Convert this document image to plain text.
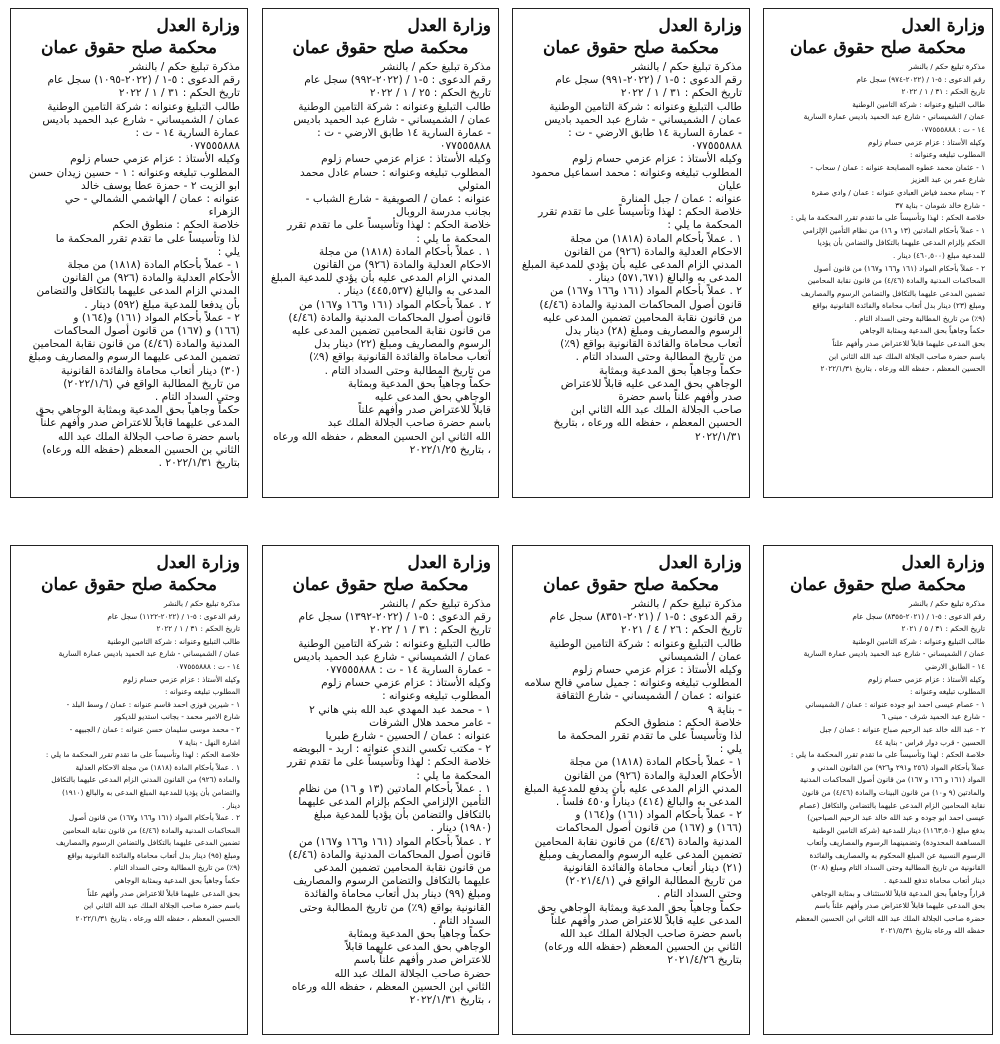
وزارة العدل
محكمة صلح حقوق عمان
مذكرة تبليغ حكم / بالنشر
رقم الدعوى : ٥-١ / (٢٠٢٢-٩٧٤) سجل عام
تاريخ الحكم : ٣١ / ١ / ٢٠٢٢
طالب التبليغ وعنوانه : شركة التامين الوطنية
عمان / الشميساني - شارع عبد الحميد باديس عمارة السارية
١٤ - ت : ٠٧٧٥٥٥٨٨٨
وكيله الأستاذ : عزام عزمي حسام زلوم
المطلوب تبليغه وعنوانه :
١ - عثمان محمد عطوه المصابحة عنوانه : عمان / سحاب -
شارع عمر بن عبد العزيز
٢ - بسام محمد فياض العبادي عنوانه : عمان / وادي صقرة
- شارع خالد شومان - بناية ٣٧
خلاصة الحكم : لهذا وتأسيساً على ما تقدم تقرر المحكمة ما يلي :
١ - عملاً بأحكام المادتين (١٣ و ١٦) من نظام التأمين الإلزامي
الحكم بإلزام المدعى عليهما بالتكافل والتضامن بأن يؤديا
للمدعية مبلغ (٤٦٠,٥٠٠) دينار .
٢ - عملاً بأحكام المواد (١٦١ و١٦٦ و١٦٧) من قانون أصول
المحاكمات المدنية والمادة (٤/٤٦) من قانون نقابة المحامين
تضمين المدعى عليهما بالتكافل والتضامن الرسوم والمصاريف
ومبلغ (٢٣) دينار بدل أتعاب محاماة والفائدة القانونية بواقع
(٩٪) من تاريخ المطالبة وحتى السداد التام .
حكماً وجاهياً بحق المدعية وبمثابة الوجاهي
بحق المدعى عليهما قابلاً للاعتراض صدر وأفهم علناً
باسم حضرة صاحب الجلالة الملك عبد الله الثاني ابن
الحسين المعظم ، حفظه الله ورعاه ، بتاريخ ٢٠٢٢/١/٣١
وزارة العدل
محكمة صلح حقوق عمان
مذكرة تبليغ حكم / بالنشر
رقم الدعوى : ٥-١ / (٢٠٢٢-٩٩١) سجل عام
تاريخ الحكم : ٣١ / ١ / ٢٠٢٢
طالب التبليغ وعنوانه : شركة التامين الوطنية
عمان / الشميساني - شارع عبد الحميد باديس
- عمارة السارية ١٤ طابق الارضي - ت :
٠٧٧٥٥٥٨٨٨
وكيله الأستاذ : عزام عزمي حسام زلوم
المطلوب تبليغه وعنوانه : محمد اسماعيل محمود عليان
عنوانه : عمان / جبل المنارة
خلاصة الحكم : لهذا وتأسيساً على ما تقدم تقرر
المحكمة ما يلي :
١ . عملاً بأحكام المادة (١٨١٨) من مجلة
الاحكام العدلية والمادة (٩٢٦) من القانون
المدني الزام المدعى عليه بأن يؤدي للمدعية المبلغ
المدعى به والبالغ (٥٧١,٦٧١) دينار .
٢ . عملاً بأحكام المواد (١٦١ و١٦٦ و١٦٧) من
قانون أصول المحاكمات المدنية والمادة (٤/٤٦)
من قانون نقابة المحامين تضمين المدعى عليه
الرسوم والمصاريف ومبلغ (٢٨) دينار بدل
أتعاب محاماة والفائدة القانونية بواقع (٩٪)
من تاريخ المطالبة وحتى السداد التام .
حكماً وجاهياً بحق المدعية وبمثابة
الوجاهي بحق المدعى عليه قابلاً للاعتراض
صدر وأفهم علناً باسم حضرة
صاحب الجلالة الملك عبد الله الثاني ابن
الحسين المعظم ، حفظه الله ورعاه ، بتاريخ
٢٠٢٢/١/٣١
وزارة العدل
محكمة صلح حقوق عمان
مذكرة تبليغ حكم / بالنشر
رقم الدعوى : ٥-١ / (٢٠٢٢-٩٩٢) سجل عام
تاريخ الحكم : ٢٥ / ١ / ٢٠٢٢
طالب التبليغ وعنوانه : شركة التامين الوطنية
عمان / الشميساني - شارع عبد الحميد باديس
- عمارة السارية ١٤ طابق الارضي - ت :
٠٧٧٥٥٥٨٨٨
وكيله الأستاذ : عزام عزمي حسام زلوم
المطلوب تبليغه وعنوانه : حسام عادل محمد المتولي
عنوانه : عمان / الصويفية - شارع الشباب -
بجانب مدرسة الروبال
خلاصة الحكم : لهذا وتأسيساً على ما تقدم تقرر
المحكمة ما يلي :
١ . عملاً بأحكام المادة (١٨١٨) من مجلة
الاحكام العدلية والمادة (٩٢٦) من القانون
المدني الزام المدعى عليه بأن يؤدي للمدعية المبلغ
المدعى به والبالغ (٤٤٥,٥٣٧) دينار .
٢ . عملاً بأحكام المواد (١٦١ و١٦٦ و١٦٧) من
قانون أصول المحاكمات المدنية والمادة (٤/٤٦)
من قانون نقابة المحامين تضمين المدعى عليه
الرسوم والمصاريف ومبلغ (٢٢) دينار بدل
أتعاب محاماة والفائدة القانونية بواقع (٩٪)
من تاريخ المطالبة وحتى السداد التام .
حكماً وجاهياً بحق المدعية وبمثابة
الوجاهي بحق المدعى عليه
قابلاً للاعتراض صدر وأفهم علناً
باسم حضرة صاحب الجلالة الملك عبد
الله الثاني ابن الحسين المعظم ، حفظه الله ورعاه
، بتاريخ ٢٠٢٢/١/٢٥
وزارة العدل
محكمة صلح حقوق عمان
مذكرة تبليغ حكم / بالنشر
رقم الدعوى : ٥-١ / (٢٠٢٢-١٠٩٥) سجل عام
تاريخ الحكم : ٣١ / ١ / ٢٠٢٢
طالب التبليغ وعنوانه : شركة التامين الوطنية
عمان / الشميساني - شارع عبد الحميد باديس
عمارة السارية ١٤ - ت :
٠٧٧٥٥٥٨٨٨
وكيله الأستاذ : عزام عزمي حسام زلوم
المطلوب تبليغه وعنوانه : ١ - حسين زيدان حسن
ابو الزيت ٢ - حمزة عطا يوسف خالد
عنوانه : عمان / الهاشمي الشمالي - حي
الزهراء
خلاصة الحكم : منطوق الحكم
لذا وتأسيساً على ما تقدم تقرر المحكمة ما
يلي :
١ - عملاً بأحكام المادة (١٨١٨) من مجلة
الأحكام العدلية والمادة (٩٢٦) من القانون
المدني الزام المدعى عليهما بالتكافل والتضامن
بأن يدفعا للمدعية مبلغ (٥٩٢) دينار .
٢ - عملاً بأحكام المواد (١٦١) و(١٦٤) و
(١٦٦) و (١٦٧) من قانون أصول المحاكمات
المدنية والمادة (٤/٤٦) من قانون نقابة المحامين
تضمين المدعى عليهما الرسوم والمصاريف ومبلغ
(٣٠) دينار أتعاب محاماة والفائدة القانونية
من تاريخ المطالبة الواقع في (٢٠٢٢/١/٦)
وحتى السداد التام .
حكماً وجاهياً بحق المدعية وبمثابة الوجاهي بحق
المدعى عليهما قابلاً للاعتراض صدر وأفهم علناً
باسم حضرة صاحب الجلالة الملك عبد الله
الثاني بن الحسين المعظم (حفظه الله ورعاه)
بتاريخ ٢٠٢٢/١/٣١ .
وزارة العدل
محكمة صلح حقوق عمان
مذكرة تبليغ حكم / بالنشر
رقم الدعوى : ٥-١ / (٢٠٢١-٨٣٥٥) سجل عام
تاريخ الحكم : ٣١ / ٥ / ٢٠٢١
طالب التبليغ وعنوانه : شركة التامين الوطنية
عمان / الشميساني - شارع عبد الحميد باديس عمارة السارية
١٤ - الطابق الارضي
وكيله الأستاذ : عزام عزمي حسام زلوم
المطلوب تبليغه وعنوانه :
١ - عصام عيسى احمد ابو جوده عنوانه : عمان / الشميساني
- شارع عبد الحميد شرف - مبنى ٦
٢ - عبد الله خالد عبد الرحيم صباح عنوانه : عمان / جبل
الحسين - قرب دوار فراس - بناية ٤٤
خلاصة الحكم : لهذا وتأسيساً على ما تقدم تقرر المحكمة ما يلي :
عملاً بأحكام المواد (٢٥٦ و٢٩١ و٩٢٦) من القانون المدني و
المواد (١٦١ و ١٦٦ و ١٦٧) من قانون أصول المحاكمات المدنية
والمادتين (٩ و١٠) من قانون البينات والمادة (٤/٤٦) من قانون
نقابة المحامين الزام المدعى عليهما بالتضامن والتكافل (عصام
عيسى احمد ابو جوده و عبد الله خالد عبد الرحيم الصباحين)
بدفع مبلغ (١١٦٣,٥٠) دينار للمدعية (شركة التامين الوطنية
المساهمة المحدودة) وتضمينهما الرسوم والمصاريف وأتعاب
الرسوم النسبية عن المبلغ المحكوم به والمصاريف والفائدة
القانونية من تاريخ المطالبة وحتى السداد التام ومبلغ (٢٠٨)
دينار أتعاب محاماة تدفع للمدعية .
قراراً وجاهياً بحق المدعية قابلاً للاستئناف و بمثابة الوجاهي
بحق المدعى عليهما قابلاً للاعتراض صدر وأفهم علناً باسم
حضرة صاحب الجلالة الملك عبد الله الثاني ابن الحسين المعظم
حفظه الله ورعاه بتاريخ ٢٠٢١/٥/٣١
وزارة العدل
محكمة صلح حقوق عمان
مذكرة تبليغ حكم / بالنشر
رقم الدعوى : ٥-١ / (٢٠٢١-٨٣٥١) سجل عام
تاريخ الحكم : ٢٦ / ٤ / ٢٠٢١
طالب التبليغ وعنوانه : شركة التامين الوطنية
عمان / الشميساني
وكيله الأستاذ : عزام عزمي حسام زلوم
المطلوب تبليغه وعنوانه : جميل سامي فالح سلامه
عنوانه : عمان / الشميساني - شارع الثقافة
- بناية ٩
خلاصة الحكم : منطوق الحكم
لذا وتأسيساً على ما تقدم تقرر المحكمة ما
يلي :
١ - عملاً بأحكام المادة (١٨١٨) من مجلة
الأحكام العدلية والمادة (٩٢٦) من القانون
المدني الزام المدعى عليه بأن يدفع للمدعية المبلغ
المدعى به والبالغ (٤١٤) ديناراً و٤٥٠ فلساً .
٢ - عملاً بأحكام المواد (١٦١) و(١٦٤) و
(١٦٦) و (١٦٧) من قانون أصول المحاكمات
المدنية والمادة (٤/٤٦) من قانون نقابة المحامين
تضمين المدعى عليه الرسوم والمصاريف ومبلغ
(٢١) دينار أتعاب محاماة والفائدة القانونية
من تاريخ المطالبة الواقع في (٢٠٢١/٤/١)
وحتى السداد التام .
حكماً وجاهياً بحق المدعية وبمثابة الوجاهي بحق
المدعى عليه قابلاً للاعتراض صدر وأفهم علناً
باسم حضرة صاحب الجلالة الملك عبد الله
الثاني بن الحسين المعظم (حفظه الله ورعاه)
بتاريخ ٢٠٢١/٤/٢٦
وزارة العدل
محكمة صلح حقوق عمان
مذكرة تبليغ حكم / بالنشر
رقم الدعوى : ٥-١ / (٢٠٢٢-١٣٩٢) سجل عام
تاريخ الحكم : ٣١ / ١ / ٢٠٢٢
طالب التبليغ وعنوانه : شركة التامين الوطنية
عمان / الشميساني - شارع عبد الحميد باديس
- عمارة السارية ١٤ - ت : ٠٧٧٥٥٥٨٨٨
وكيله الأستاذ : عزام عزمي حسام زلوم
المطلوب تبليغه وعنوانه :
١ - محمد عبد المهدي عبد الله بني هاني ٢
- عامر محمد هلال الشرفات
عنوانه : عمان / الحسين - شارع طبريا
٢ - مكتب تكسي الندى عنوانه : اربد - البويضه
خلاصة الحكم : لهذا وتأسيساً على ما تقدم تقرر
المحكمة ما يلي :
١ . عملاً بأحكام المادتين (١٣ و ١٦) من نظام
التأمين الإلزامي الحكم بإلزام المدعى عليهما
بالتكافل والتضامن بأن يؤديا للمدعية مبلغ
(١٩٨٠) دينار .
٢ . عملاً بأحكام المواد (١٦١ و١٦٦ و١٦٧) من
قانون أصول المحاكمات المدنية والمادة (٤/٤٦)
من قانون نقابة المحامين تضمين المدعى
عليهما بالتكافل والتضامن الرسوم والمصاريف
ومبلغ (٩٩) دينار بدل أتعاب محاماة والفائدة
القانونية بواقع (٩٪) من تاريخ المطالبة وحتى
السداد التام .
حكماً وجاهياً بحق المدعية وبمثابة
الوجاهي بحق المدعى عليهما قابلاً
للاعتراض صدر وأفهم علناً باسم
حضرة صاحب الجلالة الملك عبد الله
الثاني ابن الحسين المعظم ، حفظه الله ورعاه
، بتاريخ ٢٠٢٢/١/٣١
وزارة العدل
محكمة صلح حقوق عمان
مذكرة تبليغ حكم / بالنشر
رقم الدعوى : ٥-١ / (٢٠٢٢-١١٢٢) سجل عام
تاريخ الحكم : ٣١ / ١ / ٢٠٢٢
طالب التبليغ وعنوانه : شركة التامين الوطنية
عمان / الشميساني - شارع عبد الحميد باديس عمارة السارية
١٤ - ت : ٠٧٧٥٥٥٨٨٨
وكيله الأستاذ : عزام عزمي حسام زلوم
المطلوب تبليغه وعنوانه :
١ - شيرين فوزي احمد قاسم عنوانه : عمان / وسط البلد -
شارع الامير محمد - بجانب استديو للديكور
٢ - محمد موسى سليمان حسن عنوانه : عمان / الجبيهه -
اشارة النهل - بناية ٧
خلاصة الحكم : لهذا وتأسيساً على ما تقدم تقرر المحكمة ما يلي :
١ . عملاً بأحكام المادة (١٨١٨) من مجلة الاحكام العدلية
والمادة (٩٢٦) من القانون المدني الزام المدعى عليهما بالتكافل
والتضامن بأن يؤديا للمدعية المبلغ المدعى به والبالغ (١٩١٠)
دينار .
٢ . عملاً بأحكام المواد (١٦١ و١٦٦ و١٦٧) من قانون أصول
المحاكمات المدنية والمادة (٤/٤٦) من قانون نقابة المحامين
تضمين المدعى عليهما بالتكافل والتضامن الرسوم والمصاريف
ومبلغ (٩٥) دينار بدل أتعاب محاماة والفائدة القانونية بواقع
(٩٪) من تاريخ المطالبة وحتى السداد التام .
حكماً وجاهياً بحق المدعية وبمثابة الوجاهي
بحق المدعى عليهما قابلاً للاعتراض صدر وأفهم علناً
باسم حضرة صاحب الجلالة الملك عبد الله الثاني ابن
الحسين المعظم ، حفظه الله ورعاه ، بتاريخ ٢٠٢٢/١/٣١
